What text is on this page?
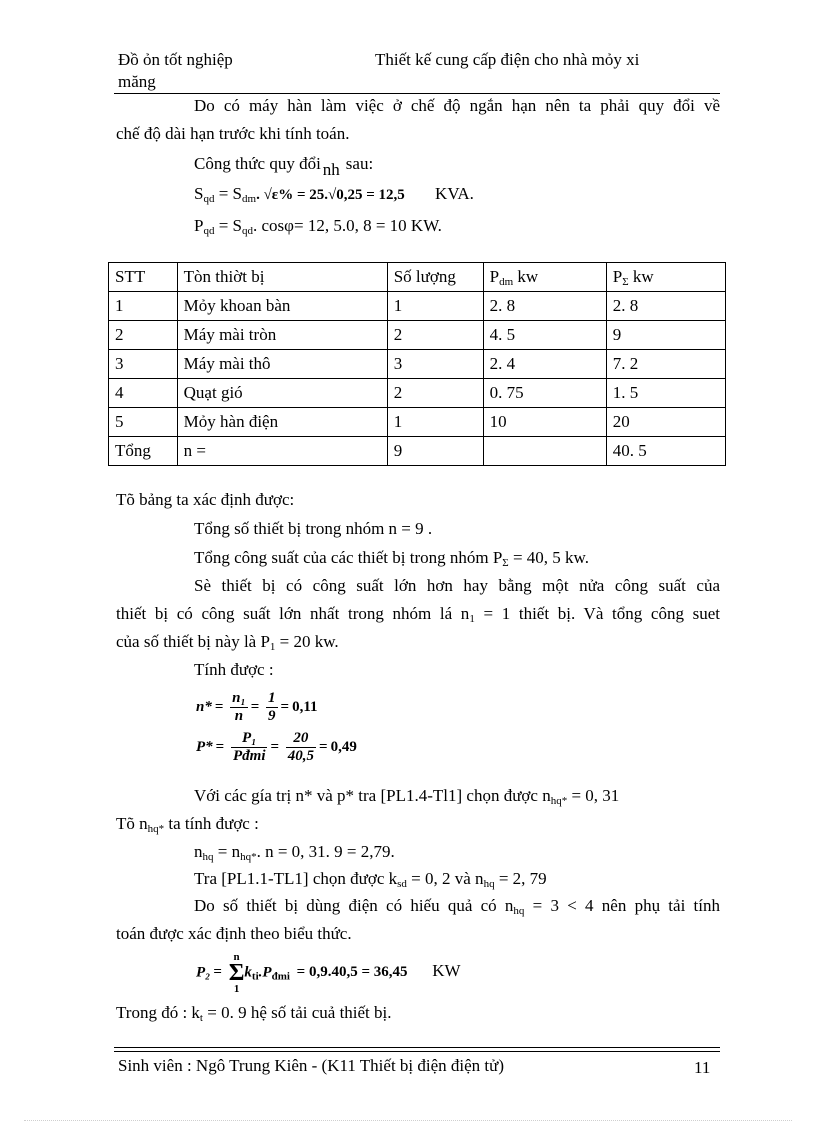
Đồ ỏn tốt nghiệp	Thiết kế cung cấp điện cho nhà mỏy xi
măng
Do có máy hàn làm việc ở chế độ ngắn hạn nên ta phải quy đổi về
chế độ dài hạn trước khi tính toán.
Công thức quy đổi nh sau:
$S_{qd} = S_{dm}$. √ε% = 25.√0,25 = 12,5 KVA.
$P_{qd} = S_{qd}$. cosφ= 12, 5.0, 8 = 10 KW.
STT	Tòn thiờt bị	Số lượng	$P_{dm}$ kw	$P_\Sigma$ kw
1	Mỏy khoan bàn	1	2. 8	2. 8
2	Máy mài tròn	2	4. 5	9
3	Máy mài thô	3	2. 4	7. 2
4	Quạt gió	2	0. 75	1. 5
5	Mỏy hàn điện	1	10	20
Tổng	n =	9		40. 5
Tõ bảng ta xác định được:
Tổng số thiết bị trong nhóm n = 9 .
Tổng công suất của các thiết bị trong nhóm $P_\Sigma = 40$, 5 kw.
Sè thiết bị có công suất lớn hơn hay bằng một nửa công suất của
thiết bị có công suất lớn nhất trong nhóm lá $n_1 = 1$ thiết bị. Và tổng công suet
của số thiết bị này là $P_1 = 20$ kw.
Tính được :
$n* = \frac{\text{n₁}}{n} = \frac{1}{9} = 0,11$
$P* = \frac{\text{P₁}}{\text{Pđmi}} = \frac{20}{40,5} = 0,49$
Với các gía trị n* và p* tra [PL1.4-Tl1] chọn được $n_{hq*} = 0$, 31
Tõ $n_{hq*}$ ta tính được :
$n_{hq} = n_{hq*}$. n = 0, 31. 9 = 2,79.
Tra [PL1.1-TL1] chọn được $k_{sd} = 0$, 2 và $n_{hq} = 2$, 79
Do số thiết bị dùng điện có hiếu quả có $n_{hq} = 3 < 4$ nên phụ tải tính
toán được xác định theo biểu thức.
P₂ = n
Σ
$1k_{ti}.P_{đmi} = 0,9.40,5 = 36,45$ KW
Trong đó : $k_t = 0$. 9 hệ số tải cuả thiết bị.
Sinh viên : Ngô Trung Kiên - (K11 Thiết bị điện điện tử)	11
